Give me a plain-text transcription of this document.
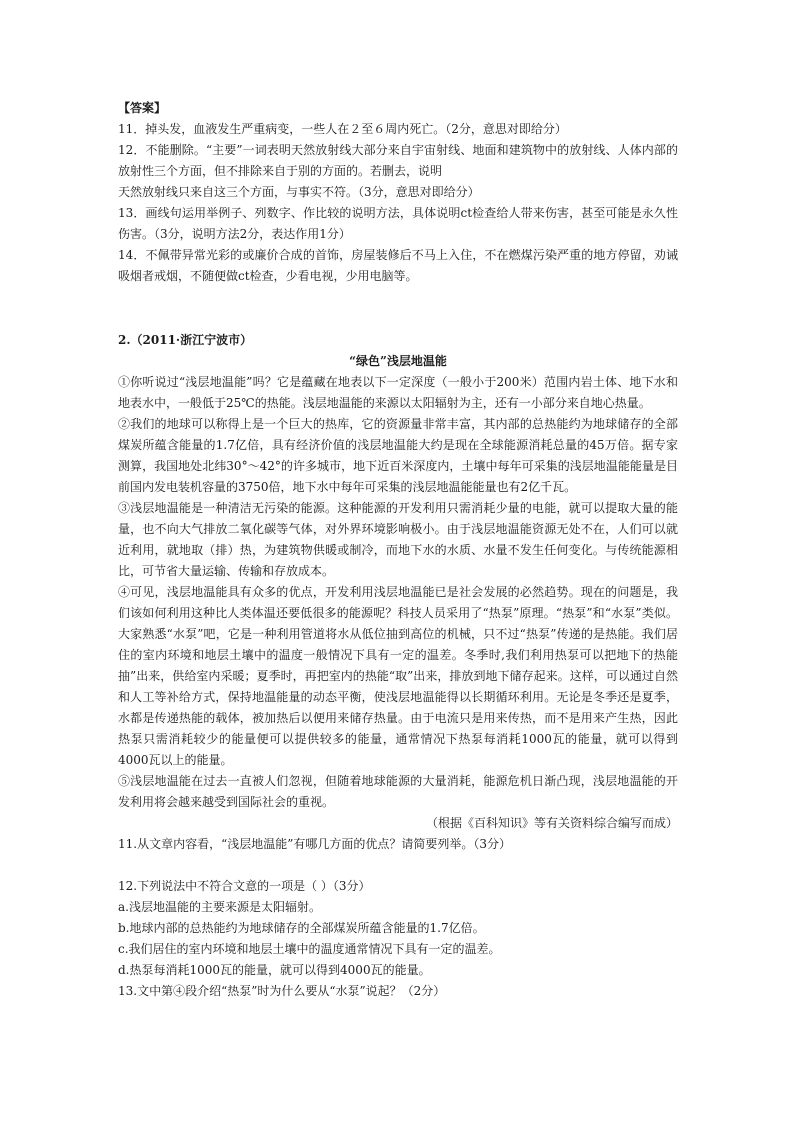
【答案】

11．掉头发，血液发生严重病变，一些人在２至６周内死亡。（2分，意思对即给分）

12．不能删除。“主要”一词表明天然放射线大部分来自宇宙射线、地面和建筑物中的放射线、人体内部的放射性三个方面，但不排除来自于别的方面的。若删去，说明

天然放射线只来自这三个方面，与事实不符。（3分，意思对即给分）

13．画线句运用举例子、列数字、作比较的说明方法，具体说明ct检查给人带来伤害，甚至可能是永久性伤害。（3分，说明方法2分，表达作用1分）

14．不佩带异常光彩的或廉价合成的首饰，房屋装修后不马上入住，不在燃煤污染严重的地方停留，劝诫吸烟者戒烟，不随便做ct检查，少看电视，少用电脑等。

2.（2011·浙江宁波市）

“绿色”浅层地温能

①你听说过“浅层地温能”吗？它是蕴藏在地表以下一定深度（一般小于200米）范围内岩土体、地下水和地表水中，一般低于25℃的热能。浅层地温能的来源以太阳辐射为主，还有一小部分来自地心热量。

②我们的地球可以称得上是一个巨大的热库，它的资源量非常丰富，其内部的总热能约为地球储存的全部煤炭所蕴含能量的1.7亿倍，具有经济价值的浅层地温能大约是现在全球能源消耗总量的45万倍。据专家测算，我国地处北纬30°～42°的许多城市，地下近百米深度内，土壤中每年可采集的浅层地温能能量是目前国内发电装机容量的3750倍，地下水中每年可采集的浅层地温能能量也有2亿千瓦。

③浅层地温能是一种清洁无污染的能源。这种能源的开发利用只需消耗少量的电能，就可以提取大量的能量，也不向大气排放二氧化碳等气体，对外界环境影响极小。由于浅层地温能资源无处不在，人们可以就近利用，就地取（排）热，为建筑物供暖或制冷，而地下水的水质、水量不发生任何变化。与传统能源相比，可节省大量运输、传输和存放成本。

④可见，浅层地温能具有众多的优点，开发利用浅层地温能已是社会发展的必然趋势。现在的问题是，我们该如何利用这种比人类体温还要低很多的能源呢？科技人员采用了“热泵”原理。“热泵”和“水泵”类似。大家熟悉“水泵”吧，它是一种利用管道将水从低位抽到高位的机械，只不过“热泵”传递的是热能。我们居住的室内环境和地层土壤中的温度一般情况下具有一定的温差。冬季时,我们利用热泵可以把地下的热能抽”出来，供给室内采暖；夏季时，再把室内的热能“取”出来，排放到地下储存起来。这样，可以通过自然和人工等补给方式，保持地温能量的动态平衡，使浅层地温能得以长期循环利用。无论是冬季还是夏季，水都是传递热能的载体，被加热后以便用来储存热量。由于电流只是用来传热，而不是用来产生热，因此热泵只需消耗较少的能量便可以提供较多的能量，通常情况下热泵每消耗1000瓦的能量，就可以得到4000瓦以上的能量。

⑤浅层地温能在过去一直被人们忽视，但随着地球能源的大量消耗，能源危机日渐凸现，浅层地温能的开发利用将会越来越受到国际社会的重视。

（根据《百科知识》等有关资料综合编写而成）

11.从文章内容看，“浅层地温能”有哪几方面的优点？请简要列举。（3分）

12.下列说法中不符合文意的一项是（ ）（3分）

a.浅层地温能的主要来源是太阳辐射。

b.地球内部的总热能约为地球储存的全部煤炭所蕴含能量的1.7亿倍。

c.我们居住的室内环境和地层土壤中的温度通常情况下具有一定的温差。

d.热泵每消耗1000瓦的能量，就可以得到4000瓦的能量。

13.文中第④段介绍“热泵”时为什么要从“水泵”说起？（2分）
